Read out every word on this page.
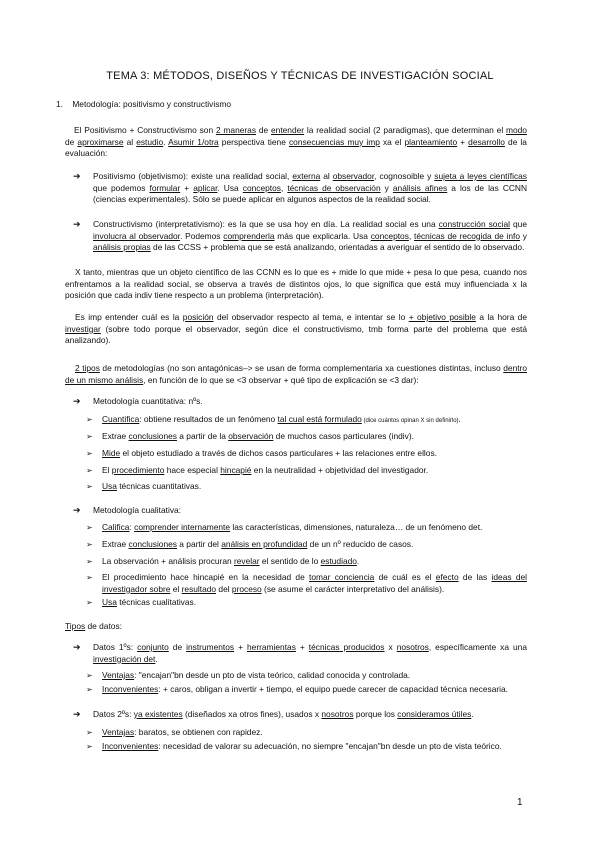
TEMA 3: MÉTODOS, DISEÑOS Y TÉCNICAS DE INVESTIGACIÓN SOCIAL
1. Metodología: positivismo y constructivismo
El Positivismo + Constructivismo son 2 maneras de entender la realidad social (2 paradigmas), que determinan el modo de aproximarse al estudio. Asumir 1/otra perspectiva tiene consecuencias muy imp xa el planteamiento + desarrollo de la evaluación:
➔ Positivismo (objetivismo): existe una realidad social, externa al observador, cognosoible y sujeta a leyes científicas que podemos formular + aplicar. Usa conceptos, técnicas de observación y análisis afines a los de las CCNN (ciencias experimentales). Sólo se puede aplicar en algunos aspectos de la realidad social.
➔ Constructivismo (interpretativismo): es la que se usa hoy en día. La realidad social es una construcción social que involucra al observador. Podemos comprenderla más que explicarla. Usa conceptos, técnicas de recogida de info y análisis propias de las CCSS + problema que se está analizando, orientadas a averiguar el sentido de lo observado.
X tanto, mientras que un objeto científico de las CCNN es lo que es + mide lo que mide + pesa lo que pesa, cuando nos enfrentamos a la realidad social, se observa a través de distintos ojos, lo que significa que está muy influenciada x la posición que cada indiv tiene respecto a un problema (interpretación).
Es imp entender cuál es la posición del observador respecto al tema, e intentar se lo + objetivo posible a la hora de investigar (sobre todo porque el observador, según dice el constructivismo, tmb forma parte del problema que está analizando).
2 tipos de metodologías (no son antagónicas–> se usan de forma complementaria xa cuestiones distintas, incluso dentro de un mismo análisis, en función de lo que se <3 observar + qué tipo de explicación se <3 dar):
➔ Metodología cuantitativa: nºs.
➢ Cuantifica: obtiene resultados de un fenómeno tal cual está formulado (dice cuántos opinan X sin definirlo).
➢ Extrae conclusiones a partir de la observación de muchos casos particulares (indiv).
➢ Mide el objeto estudiado a través de dichos casos particulares + las relaciones entre ellos.
➢ El procedimiento hace especial hincapié en la neutralidad + objetividad del investigador.
➢ Usa técnicas cuantitativas.
➔ Metodología cualitativa:
➢ Califica: comprender internamente las características, dimensiones, naturaleza… de un fenómeno det.
➢ Extrae conclusiones a partir del análisis en profundidad de un nº reducido de casos.
➢ La observación + análisis procuran revelar el sentido de lo estudiado.
➢ El procedimiento hace hincapié en la necesidad de tomar conciencia de cuál es el efecto de las ideas del investigador sobre el resultado del proceso (se asume el carácter interpretativo del análisis).
➢ Usa técnicas cualitativas.
Tipos de datos:
➔ Datos 1ºs: conjunto de instrumentos + herramientas + técnicas producidos x nosotros, específicamente xa una investigación det.
➢ Ventajas: "encajan"bn desde un pto de vista teórico, calidad conocida y controlada.
➢ Inconvenientes: + caros, obligan a invertir + tiempo, el equipo puede carecer de capacidad técnica necesaria.
➔ Datos 2ºs: ya existentes (diseñados xa otros fines), usados x nosotros porque los consideramos útiles.
➢ Ventajas: baratos, se obtienen con rapidez.
➢ Inconvenientes: necesidad de valorar su adecuación, no siempre "encajan"bn desde un pto de vista teórico.
1
